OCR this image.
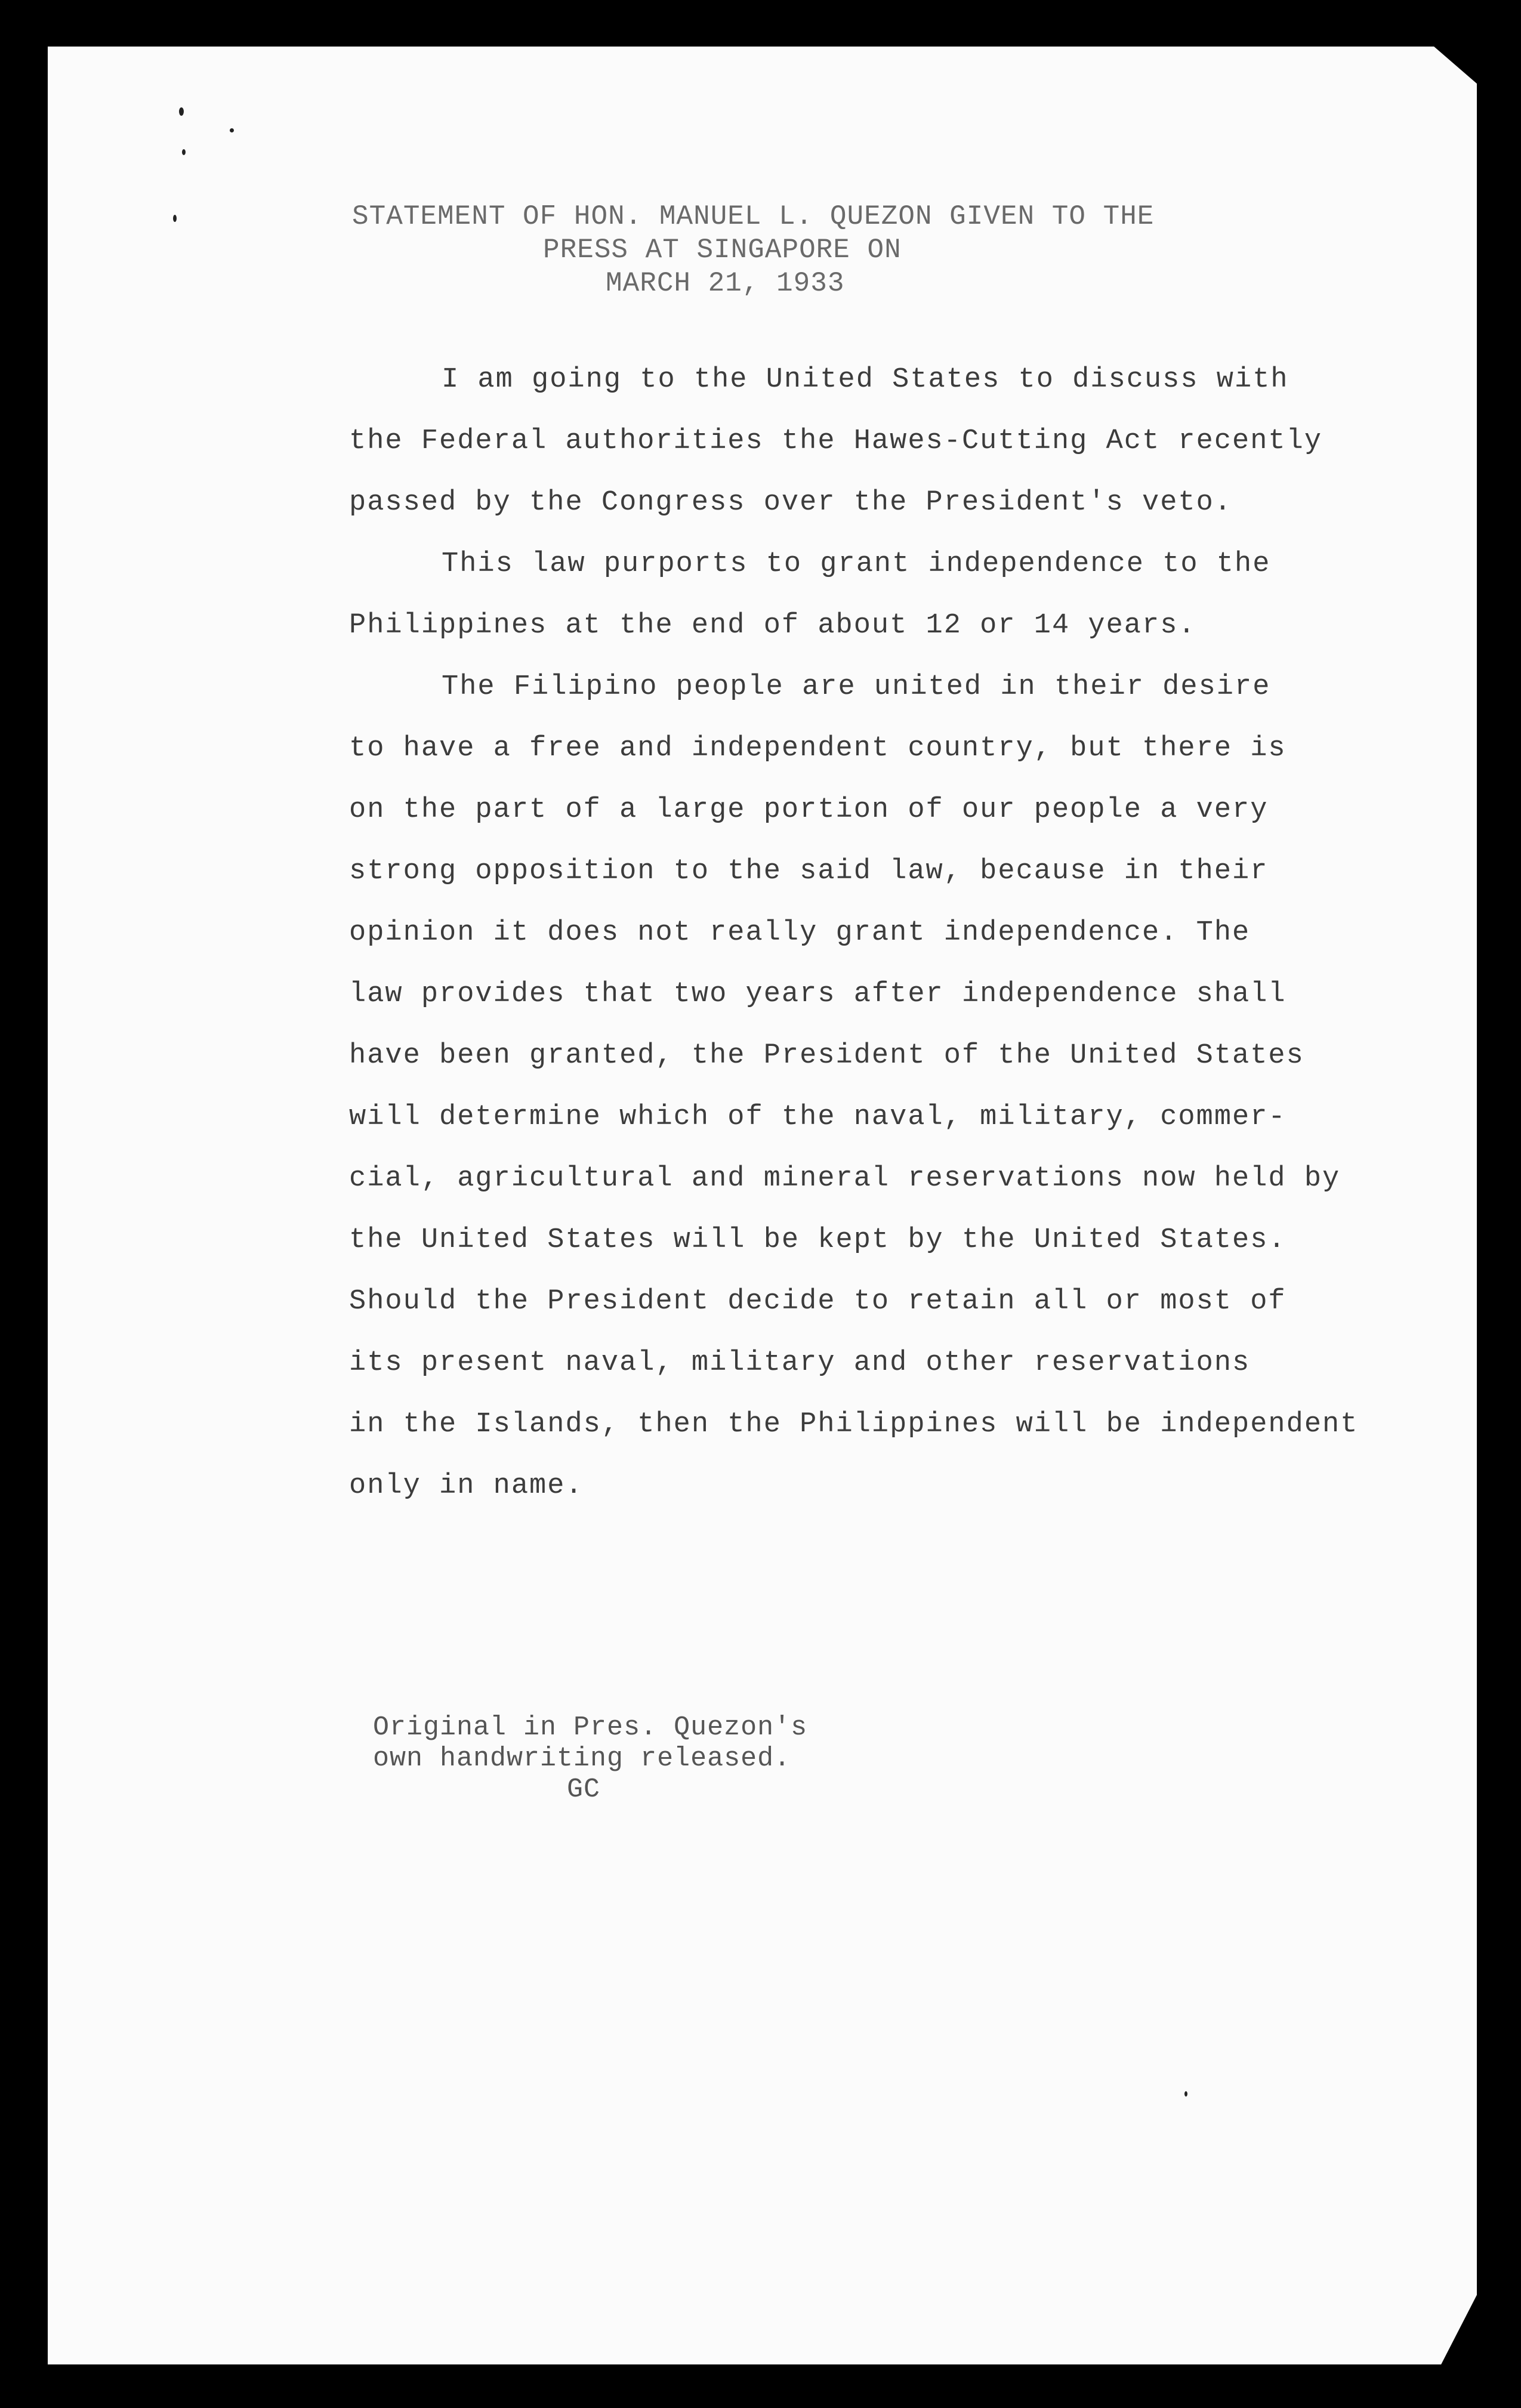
STATEMENT OF HON. MANUEL L. QUEZON GIVEN TO THE
PRESS AT SINGAPORE ON
MARCH 21, 1933
I am going to the United States to discuss with
the Federal authorities the Hawes-Cutting Act recently
passed by the Congress over the President's veto.
This law purports to grant independence to the
Philippines at the end of about 12 or 14 years.
The Filipino people are united in their desire
to have a free and independent country, but there is
on the part of a large portion of our people a very
strong opposition to the said law, because in their
opinion it does not really grant independence. The
law provides that two years after independence shall
have been granted, the President of the United States
will determine which of the naval, military, commer-
cial, agricultural and mineral reservations now held by
the United States will be kept by the United States.
Should the President decide to retain all or most of
its present naval, military and other reservations
in the Islands, then the Philippines will be independent
only in name.
Original in Pres. Quezon's
own handwriting released.
GC
